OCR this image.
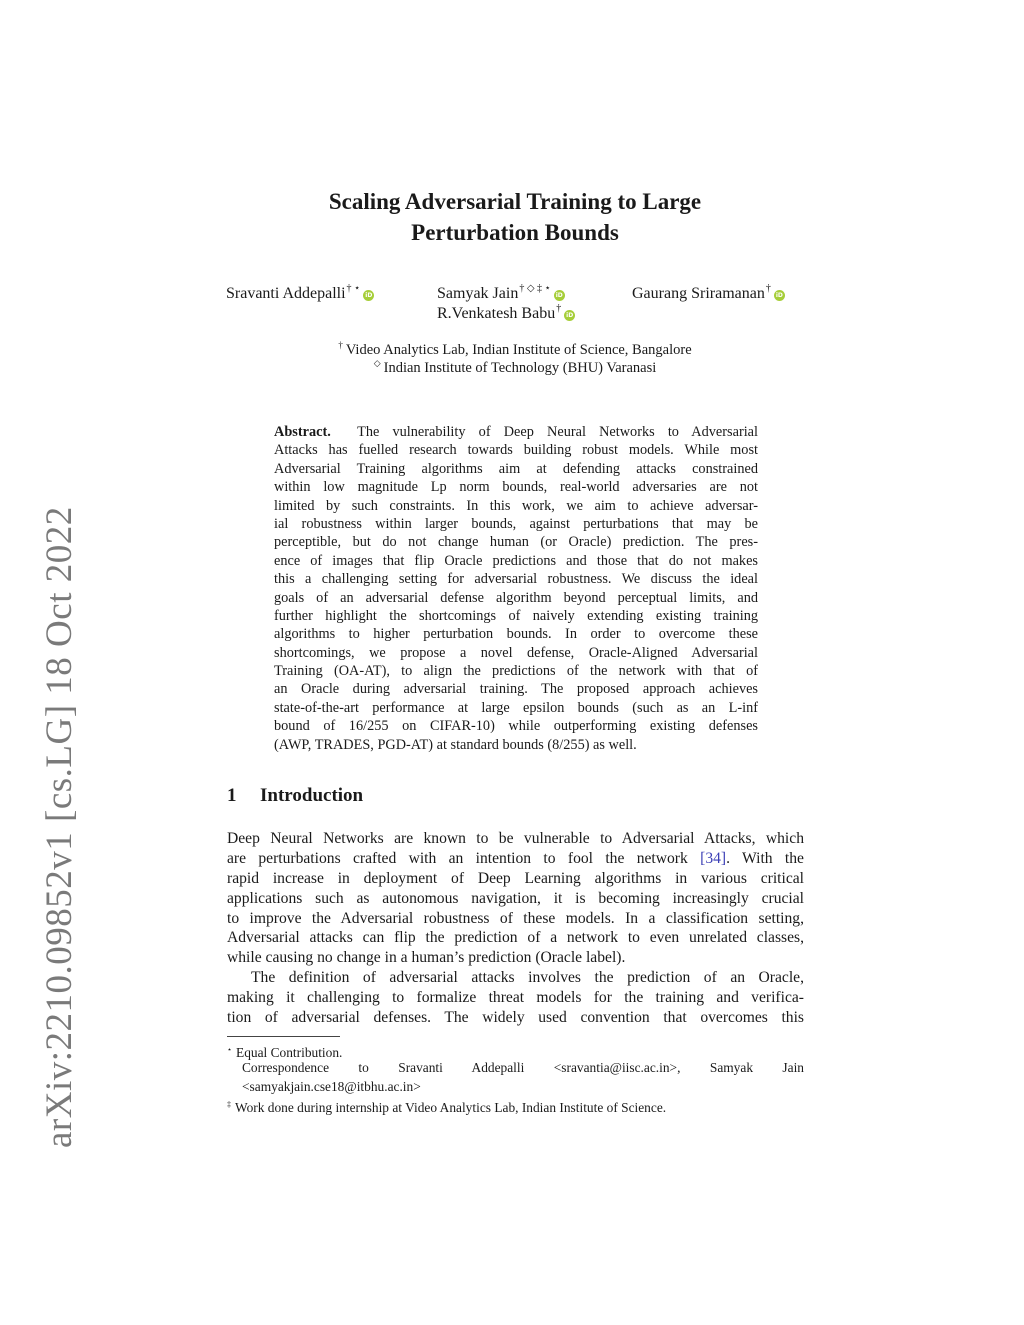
arXiv:2210.09852v1 [cs.LG] 18 Oct 2022
Scaling Adversarial Training to Large
Perturbation Bounds
Sravanti Addepalli† ⋆iD	Samyak Jain† ◇ ‡ ⋆iD	Gaurang Sriramanan†iD
R.Venkatesh Babu†iD
† Video Analytics Lab, Indian Institute of Science, Bangalore
◇ Indian Institute of Technology (BHU) Varanasi
Abstract. The vulnerability of Deep Neural Networks to Adversarial
Attacks has fuelled research towards building robust models. While most
Adversarial Training algorithms aim at defending attacks constrained
within low magnitude Lp norm bounds, real-world adversaries are not
limited by such constraints. In this work, we aim to achieve adversar-
ial robustness within larger bounds, against perturbations that may be
perceptible, but do not change human (or Oracle) prediction. The pres-
ence of images that flip Oracle predictions and those that do not makes
this a challenging setting for adversarial robustness. We discuss the ideal
goals of an adversarial defense algorithm beyond perceptual limits, and
further highlight the shortcomings of naively extending existing training
algorithms to higher perturbation bounds. In order to overcome these
shortcomings, we propose a novel defense, Oracle-Aligned Adversarial
Training (OA-AT), to align the predictions of the network with that of
an Oracle during adversarial training. The proposed approach achieves
state-of-the-art performance at large epsilon bounds (such as an L-inf
bound of 16/255 on CIFAR-10) while outperforming existing defenses
(AWP, TRADES, PGD-AT) at standard bounds (8/255) as well.
1 Introduction
Deep Neural Networks are known to be vulnerable to Adversarial Attacks, which
are perturbations crafted with an intention to fool the network [34]. With the
rapid increase in deployment of Deep Learning algorithms in various critical
applications such as autonomous navigation, it is becoming increasingly crucial
to improve the Adversarial robustness of these models. In a classification setting,
Adversarial attacks can flip the prediction of a network to even unrelated classes,
while causing no change in a human’s prediction (Oracle label).
The definition of adversarial attacks involves the prediction of an Oracle,
making it challenging to formalize threat models for the training and verifica-
tion of adversarial defenses. The widely used convention that overcomes this
⋆ Equal Contribution.
Correspondence to Sravanti Addepalli <sravantia@iisc.ac.in>, Samyak Jain
<samyakjain.cse18@itbhu.ac.in>
‡ Work done during internship at Video Analytics Lab, Indian Institute of Science.
